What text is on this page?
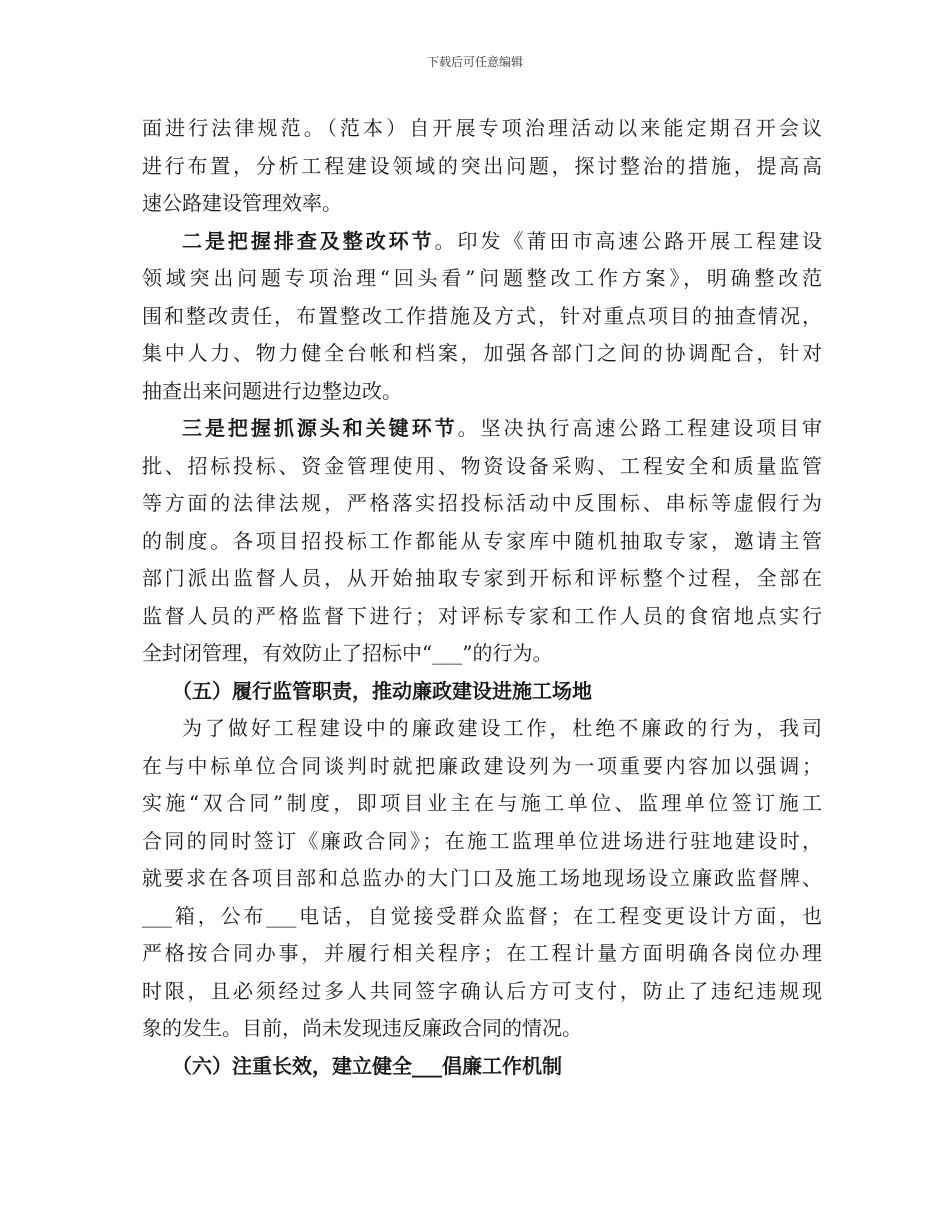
下载后可任意编辑
面进行法律规范。（范本）自开展专项治理活动以来能定期召开会议
进行布置，分析工程建设领域的突出问题，探讨整治的措施，提高高
速公路建设管理效率。
二是把握排查及整改环节。印发《莆田市高速公路开展工程建设
领域突出问题专项治理“回头看”问题整改工作方案》，明确整改范
围和整改责任，布置整改工作措施及方式，针对重点项目的抽查情况，
集中人力、物力健全台帐和档案，加强各部门之间的协调配合，针对
抽查出来问题进行边整边改。
三是把握抓源头和关键环节。坚决执行高速公路工程建设项目审
批、招标投标、资金管理使用、物资设备采购、工程安全和质量监管
等方面的法律法规，严格落实招投标活动中反围标、串标等虚假行为
的制度。各项目招投标工作都能从专家库中随机抽取专家，邀请主管
部门派出监督人员，从开始抽取专家到开标和评标整个过程，全部在
监督人员的严格监督下进行；对评标专家和工作人员的食宿地点实行
全封闭管理，有效防止了招标中“___”的行为。
（五）履行监管职责，推动廉政建设进施工场地
为了做好工程建设中的廉政建设工作，杜绝不廉政的行为，我司
在与中标单位合同谈判时就把廉政建设列为一项重要内容加以强调；
实施“双合同”制度，即项目业主在与施工单位、监理单位签订施工
合同的同时签订《廉政合同》；在施工监理单位进场进行驻地建设时，
就要求在各项目部和总监办的大门口及施工场地现场设立廉政监督牌、
___箱，公布___电话，自觉接受群众监督；在工程变更设计方面，也
严格按合同办事，并履行相关程序；在工程计量方面明确各岗位办理
时限，且必须经过多人共同签字确认后方可支付，防止了违纪违规现
象的发生。目前，尚未发现违反廉政合同的情况。
（六）注重长效，建立健全___倡廉工作机制
